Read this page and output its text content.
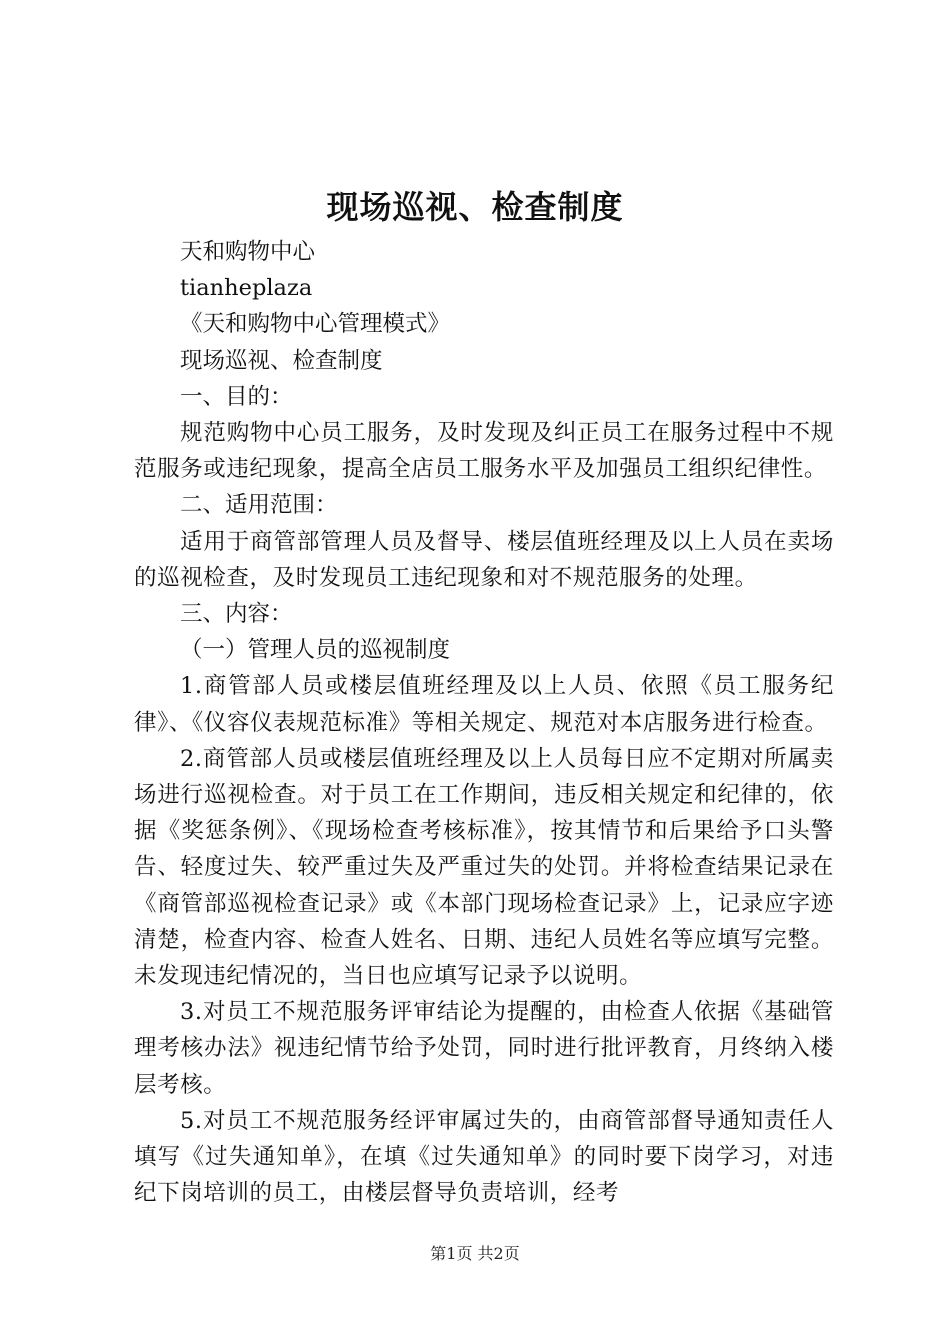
现场巡视、检查制度

天和购物中心

tianheplaza

《天和购物中心管理模式》

现场巡视、检查制度

一、目的：

规范购物中心员工服务，及时发现及纠正员工在服务过程中不规范服务或违纪现象，提高全店员工服务水平及加强员工组织纪律性。

二、适用范围：

适用于商管部管理人员及督导、楼层值班经理及以上人员在卖场的巡视检查，及时发现员工违纪现象和对不规范服务的处理。

三、内容：

（一）管理人员的巡视制度

1.商管部人员或楼层值班经理及以上人员、依照《员工服务纪律》、《仪容仪表规范标准》等相关规定、规范对本店服务进行检查。

2.商管部人员或楼层值班经理及以上人员每日应不定期对所属卖场进行巡视检查。对于员工在工作期间，违反相关规定和纪律的，依据《奖惩条例》、《现场检查考核标准》，按其情节和后果给予口头警告、轻度过失、较严重过失及严重过失的处罚。并将检查结果记录在《商管部巡视检查记录》或《本部门现场检查记录》上，记录应字迹清楚，检查内容、检查人姓名、日期、违纪人员姓名等应填写完整。未发现违纪情况的，当日也应填写记录予以说明。

3.对员工不规范服务评审结论为提醒的，由检查人依据《基础管理考核办法》视违纪情节给予处罚，同时进行批评教育，月终纳入楼层考核。

5.对员工不规范服务经评审属过失的，由商管部督导通知责任人填写《过失通知单》，在填《过失通知单》的同时要下岗学习，对违纪下岗培训的员工，由楼层督导负责培训，经考

第1页 共2页
